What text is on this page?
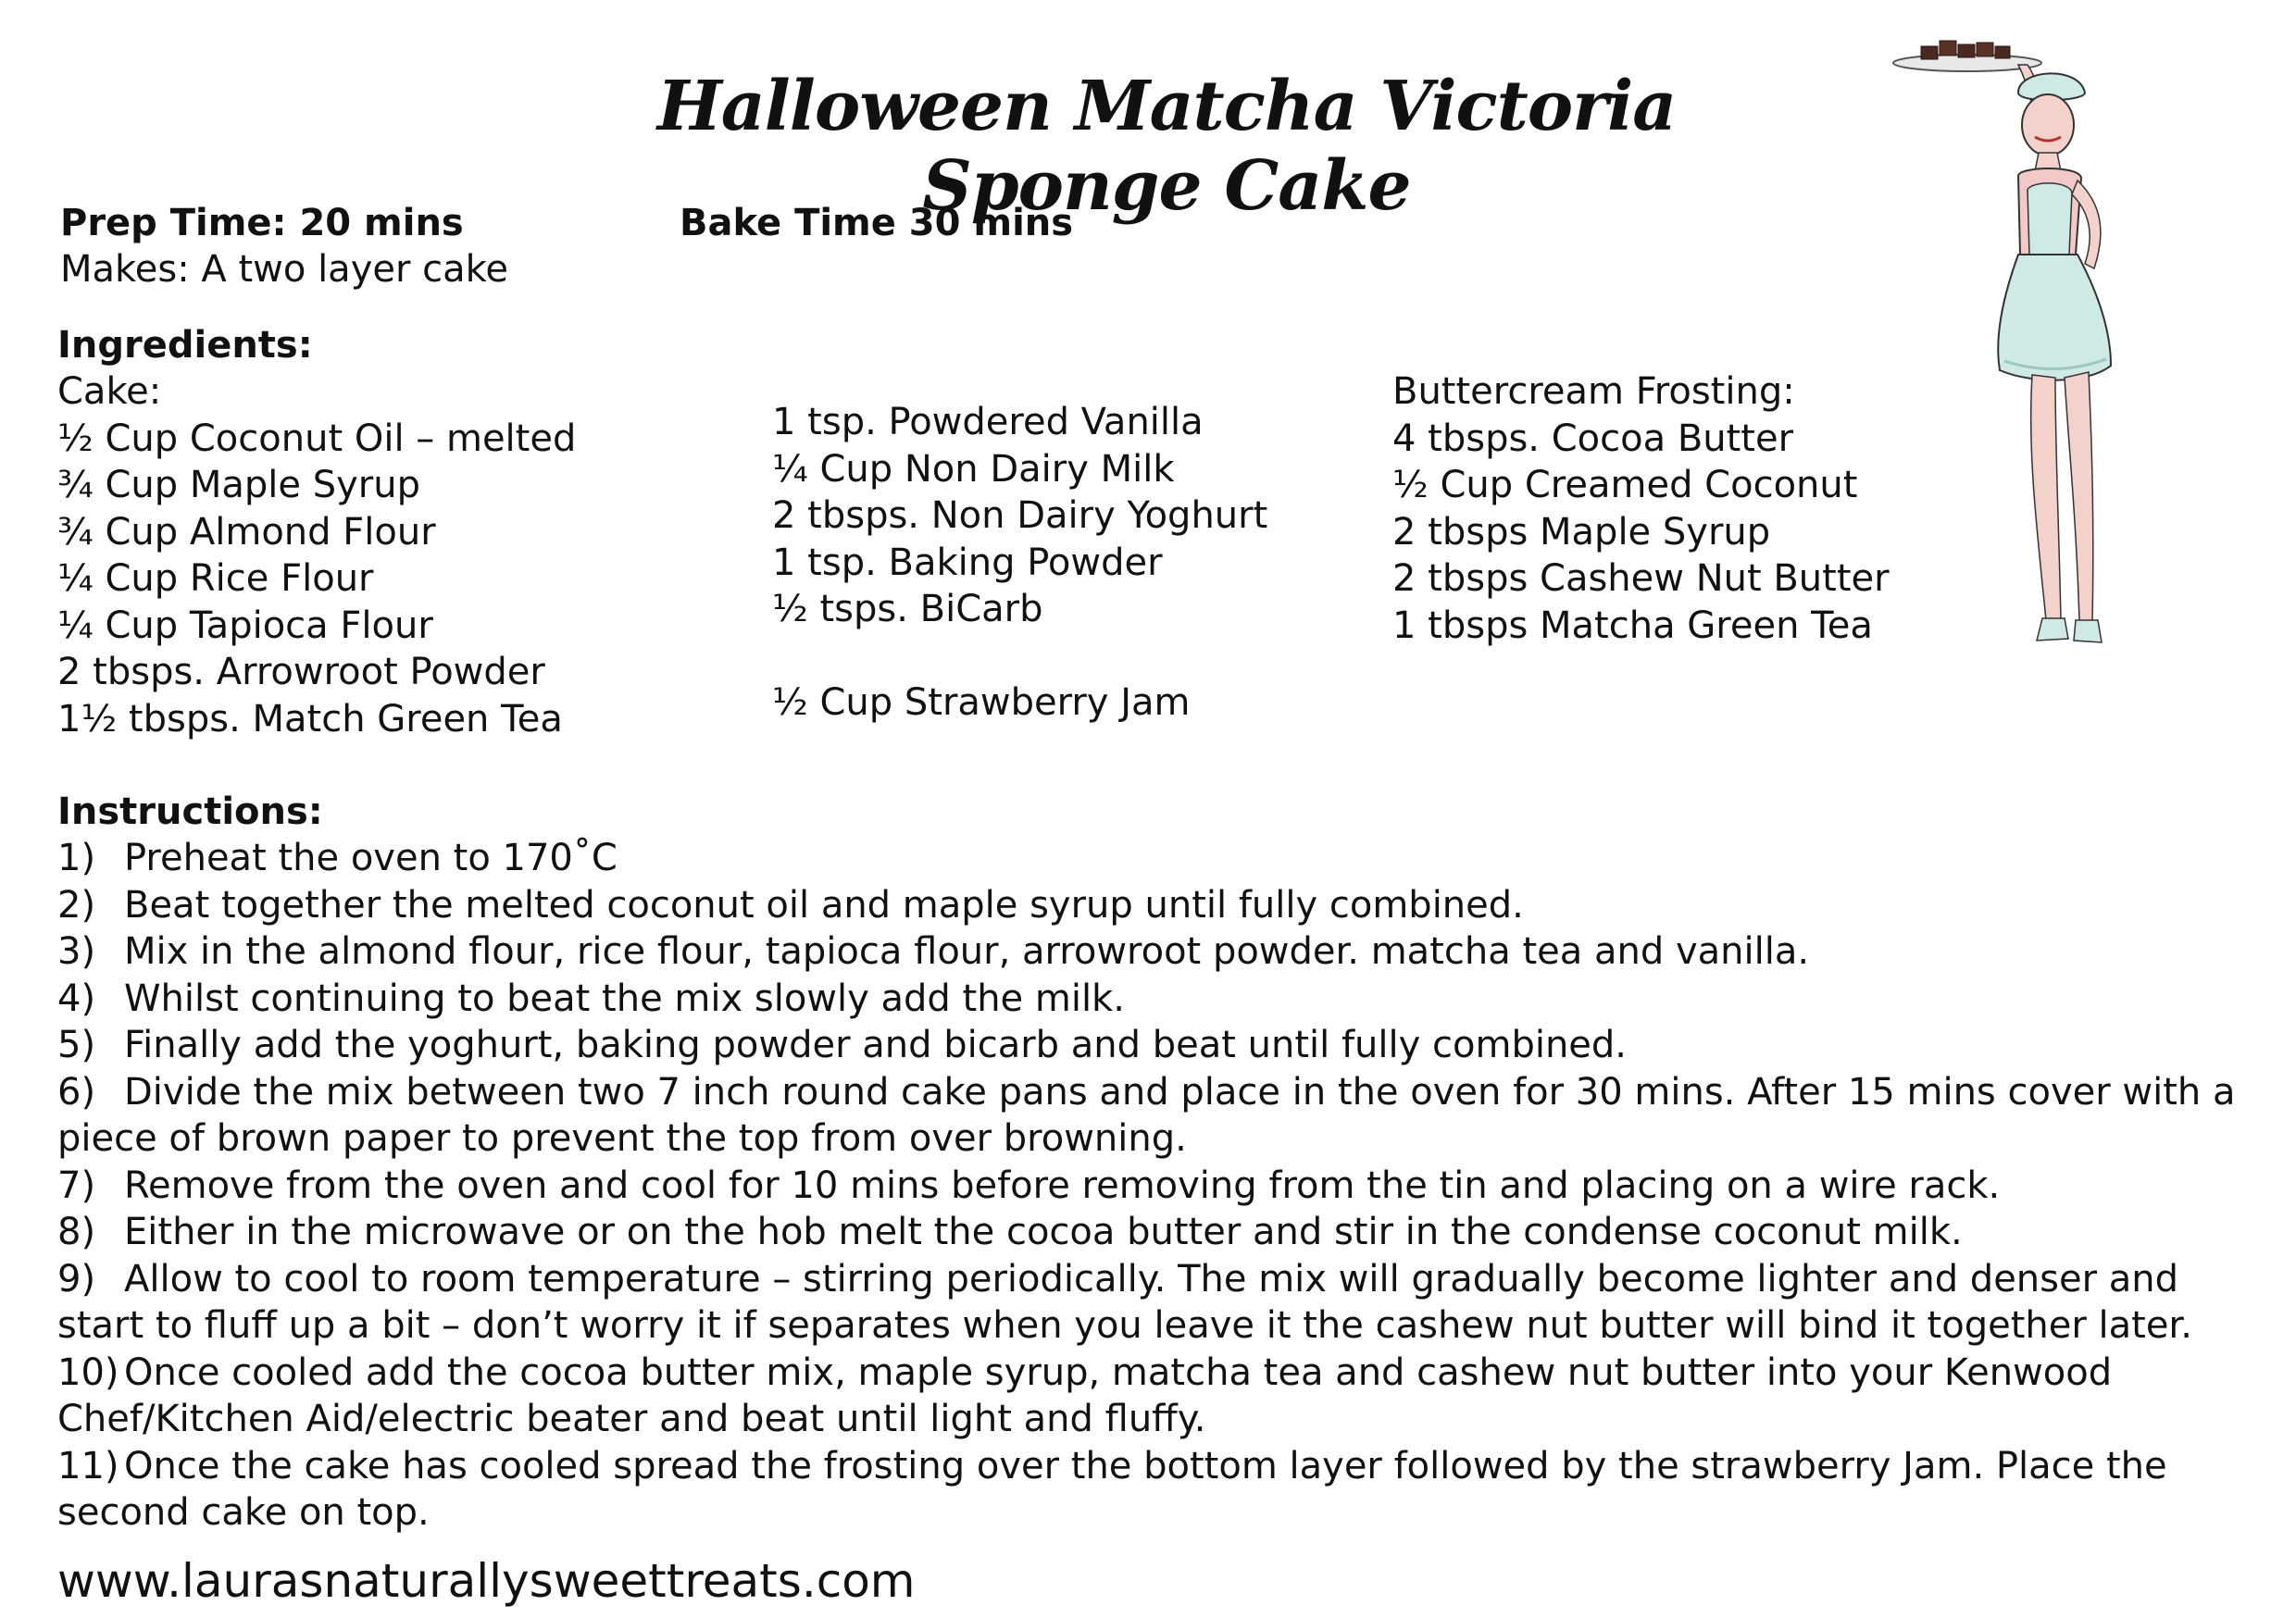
Halloween Matcha Victoria Sponge Cake
Prep Time: 20 mins
Makes: A two layer cake
Bake Time 30 mins
Ingredients:
Cake:
½ Cup Coconut Oil – melted
¾ Cup Maple Syrup
¾ Cup Almond Flour
¼ Cup Rice Flour
¼ Cup Tapioca Flour
2 tbsps. Arrowroot Powder
1½ tbsps. Match Green Tea
1 tsp. Powdered Vanilla
¼ Cup Non Dairy Milk
2 tbsps. Non Dairy Yoghurt
1 tsp. Baking Powder
½ tsps. BiCarb
½ Cup Strawberry Jam
Buttercream Frosting:
4 tbsps. Cocoa Butter
½ Cup Creamed Coconut
2 tbsps Maple Syrup
2 tbsps Cashew Nut Butter
1 tbsps Matcha Green Tea
Instructions:
1) Preheat the oven to 170˚C
2) Beat together the melted coconut oil and maple syrup until fully combined.
3) Mix in the almond flour, rice flour, tapioca flour, arrowroot powder. matcha tea and vanilla.
4) Whilst continuing to beat the mix slowly add the milk.
5) Finally add the yoghurt, baking powder and bicarb and beat until fully combined.
6) Divide the mix between two 7 inch round cake pans and place in the oven for 30 mins. After 15 mins cover with a piece of brown paper to prevent the top from over browning.
7) Remove from the oven and cool for 10 mins before removing from the tin and placing on a wire rack.
8) Either in the microwave or on the hob melt the cocoa butter and stir in the condense coconut milk.
9) Allow to cool to room temperature – stirring periodically. The mix will gradually become lighter and denser and start to fluff up a bit – don’t worry it if separates when you leave it the cashew nut butter will bind it together later.
10) Once cooled add the cocoa butter mix, maple syrup, matcha tea and cashew nut butter into your Kenwood Chef/Kitchen Aid/electric beater and beat until light and fluffy.
11) Once the cake has cooled spread the frosting over the bottom layer followed by the strawberry Jam. Place the second cake on top.
www.laurasnaturallysweettreats.com
